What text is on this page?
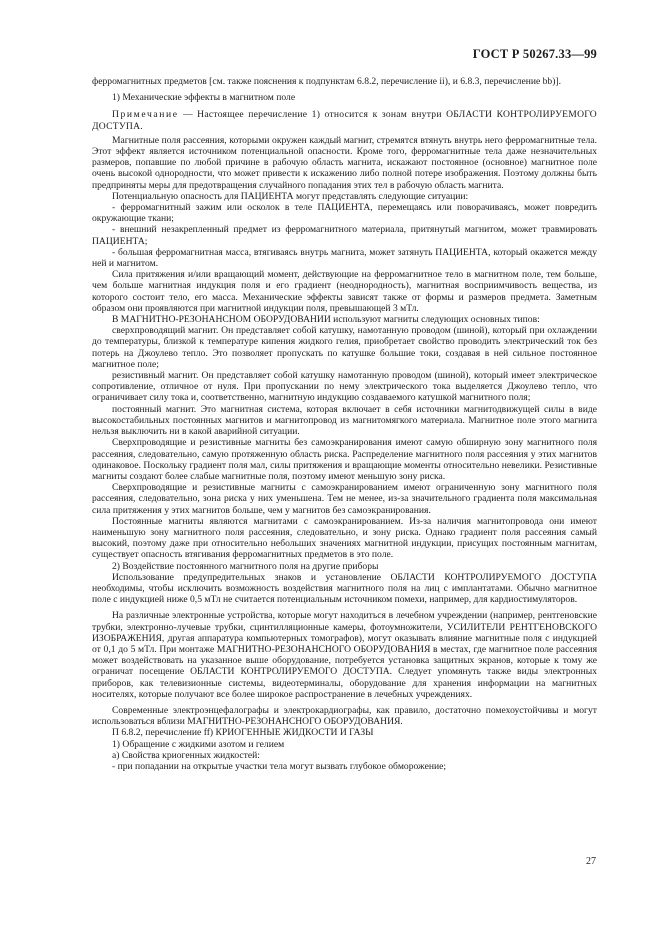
ГОСТ Р 50267.33—99

ферромагнитных предметов [см. также пояснения к подпунктам 6.8.2, перечисление ii), и 6.8.3, перечисление bb)].

1) Механические эффекты в магнитном поле

Примечание — Настоящее перечисление 1) относится к зонам внутри ОБЛАСТИ КОНТРОЛИРУЕМОГО ДОСТУПА.

Магнитные поля рассеяния, которыми окружен каждый магнит, стремятся втянуть внутрь него ферромагнитные тела. Этот эффект является источником потенциальной опасности. Кроме того, ферромагнитные тела даже незначительных размеров, попавшие по любой причине в рабочую область магнита, искажают постоянное (основное) магнитное поле очень высокой однородности, что может привести к искажению либо полной потере изображения. Поэтому должны быть предприняты меры для предотвращения случайного попадания этих тел в рабочую область магнита.

Потенциальную опасность для ПАЦИЕНТА могут представлять следующие ситуации:

- ферромагнитный зажим или осколок в теле ПАЦИЕНТА, перемещаясь или поворачиваясь, может повредить окружающие ткани;

- внешний незакрепленный предмет из ферромагнитного материала, притянутый магнитом, может травмировать ПАЦИЕНТА;

- большая ферромагнитная масса, втягиваясь внутрь магнита, может затянуть ПАЦИЕНТА, который окажется между ней и магнитом.

Сила притяжения и/или вращающий момент, действующие на ферромагнитное тело в магнитном поле, тем больше, чем больше магнитная индукция поля и его градиент (неоднородность), магнитная восприимчивость вещества, из которого состоит тело, его масса. Механические эффекты зависят также от формы и размеров предмета. Заметным образом они проявляются при магнитной индукции поля, превышающей 3 мТл.

В МАГНИТНО-РЕЗОНАНСНОМ ОБОРУДОВАНИИ используют магниты следующих основных типов:

сверхпроводящий магнит. Он представляет собой катушку, намотанную проводом (шиной), который при охлаждении до температуры, близкой к температуре кипения жидкого гелия, приобретает свойство проводить электрический ток без потерь на Джоулево тепло. Это позволяет пропускать по катушке большие токи, создавая в ней сильное постоянное магнитное поле;

резистивный магнит. Он представляет собой катушку намотанную проводом (шиной), который имеет электрическое сопротивление, отличное от нуля. При пропускании по нему электрического тока выделяется Джоулево тепло, что ограничивает силу тока и, соответственно, магнитную индукцию создаваемого катушкой магнитного поля;

постоянный магнит. Это магнитная система, которая включает в себя источники магнитодвижущей силы в виде высокостабильных постоянных магнитов и магнитопровод из магнитомягкого материала. Магнитное поле этого магнита нельзя выключить ни в какой аварийной ситуации.

Сверхпроводящие и резистивные магниты без самоэкранирования имеют самую обширную зону магнитного поля рассеяния, следовательно, самую протяженную область риска. Распределение магнитного поля рассеяния у этих магнитов одинаковое. Поскольку градиент поля мал, силы притяжения и вращающие моменты относительно невелики. Резистивные магниты создают более слабые магнитные поля, поэтому имеют меньшую зону риска.

Сверхпроводящие и резистивные магниты с самоэкранированием имеют ограниченную зону магнитного поля рассеяния, следовательно, зона риска у них уменьшена. Тем не менее, из-за значительного градиента поля максимальная сила притяжения у этих магнитов больше, чем у магнитов без самоэкранирования.

Постоянные магниты являются магнитами с самоэкранированием. Из-за наличия магнитопровода они имеют наименьшую зону магнитного поля рассеяния, следовательно, и зону риска. Однако градиент поля рассеяния самый высокий, поэтому даже при относительно небольших значениях магнитной индукции, присущих постоянным магнитам, существует опасность втягивания ферромагнитных предметов в это поле.

2) Воздействие постоянного магнитного поля на другие приборы

Использование предупредительных знаков и установление ОБЛАСТИ КОНТРОЛИРУЕМОГО ДОСТУПА необходимы, чтобы исключить возможность воздействия магнитного поля на лиц с имплантатами. Обычно магнитное поле с индукцией ниже 0,5 мТл не считается потенциальным источником помехи, например, для кардиостимуляторов.

На различные электронные устройства, которые могут находиться в лечебном учреждении (например, рентгеновские трубки, электронно-лучевые трубки, сцинтилляционные камеры, фотоумножители, УСИЛИТЕЛИ РЕНТГЕНОВСКОГО ИЗОБРАЖЕНИЯ, другая аппаратура компьютерных томографов), могут оказывать влияние магнитные поля с индукцией от 0,1 до 5 мТл. При монтаже МАГНИТНО-РЕЗОНАНСНОГО ОБОРУДОВАНИЯ в местах, где магнитное поле рассеяния может воздействовать на указанное выше оборудование, потребуется установка защитных экранов, которые к тому же ограничат посещение ОБЛАСТИ КОНТРОЛИРУЕМОГО ДОСТУПА. Следует упомянуть также виды электронных приборов, как телевизионные системы, видеотерминалы, оборудование для хранения информации на магнитных носителях, которые получают все более широкое распространение в лечебных учреждениях.

Современные электроэнцефалографы и электрокардиографы, как правило, достаточно помехоустойчивы и могут использоваться вблизи МАГНИТНО-РЕЗОНАНСНОГО ОБОРУДОВАНИЯ.

П 6.8.2, перечисление ff) КРИОГЕННЫЕ ЖИДКОСТИ И ГАЗЫ

1) Обращение с жидкими азотом и гелием

а) Свойства криогенных жидкостей:

- при попадании на открытые участки тела могут вызвать глубокое обморожение;

27
